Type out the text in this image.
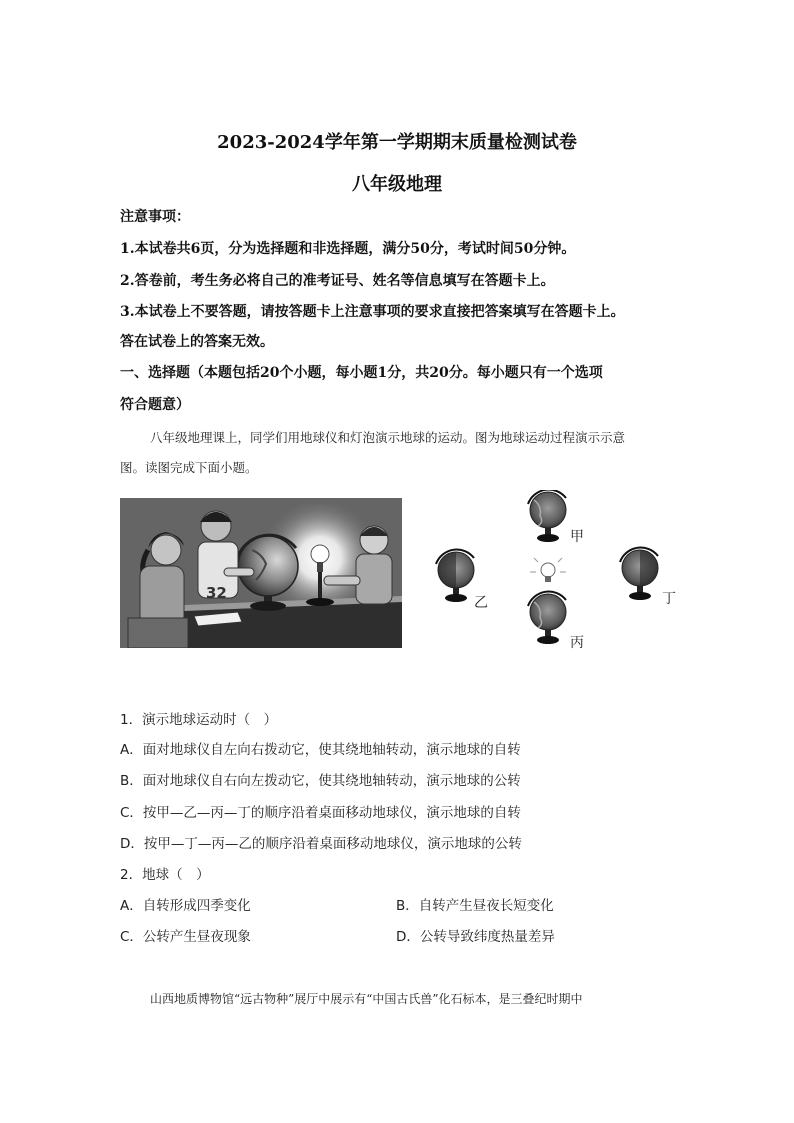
2023-2024学年第一学期期末质量检测试卷
八年级地理
注意事项：
1.本试卷共6页，分为选择题和非选择题，满分50分，考试时间50分钟。
2.答卷前，考生务必将自己的准考证号、姓名等信息填写在答题卡上。
3.本试卷上不要答题，请按答题卡上注意事项的要求直接把答案填写在答题卡上。
答在试卷上的答案无效。
一、选择题（本题包括20个小题，每小题1分，共20分。每小题只有一个选项
符合题意）
八年级地理课上，同学们用地球仪和灯泡演示地球的运动。图为地球运动过程演示示意
图。读图完成下面小题。
32
甲
乙	丁
丙
1．演示地球运动时（　）
A．面对地球仪自左向右拨动它，使其绕地轴转动，演示地球的自转
B．面对地球仪自右向左拨动它，使其绕地轴转动，演示地球的公转
C．按甲—乙—丙—丁的顺序沿着桌面移动地球仪，演示地球的自转
D．按甲—丁—丙—乙的顺序沿着桌面移动地球仪，演示地球的公转
2．地球（　）
A．自转形成四季变化	B．自转产生昼夜长短变化
C．公转产生昼夜现象	D．公转导致纬度热量差异
山西地质博物馆“远古物种”展厅中展示有“中国古氏兽”化石标本，是三叠纪时期中
